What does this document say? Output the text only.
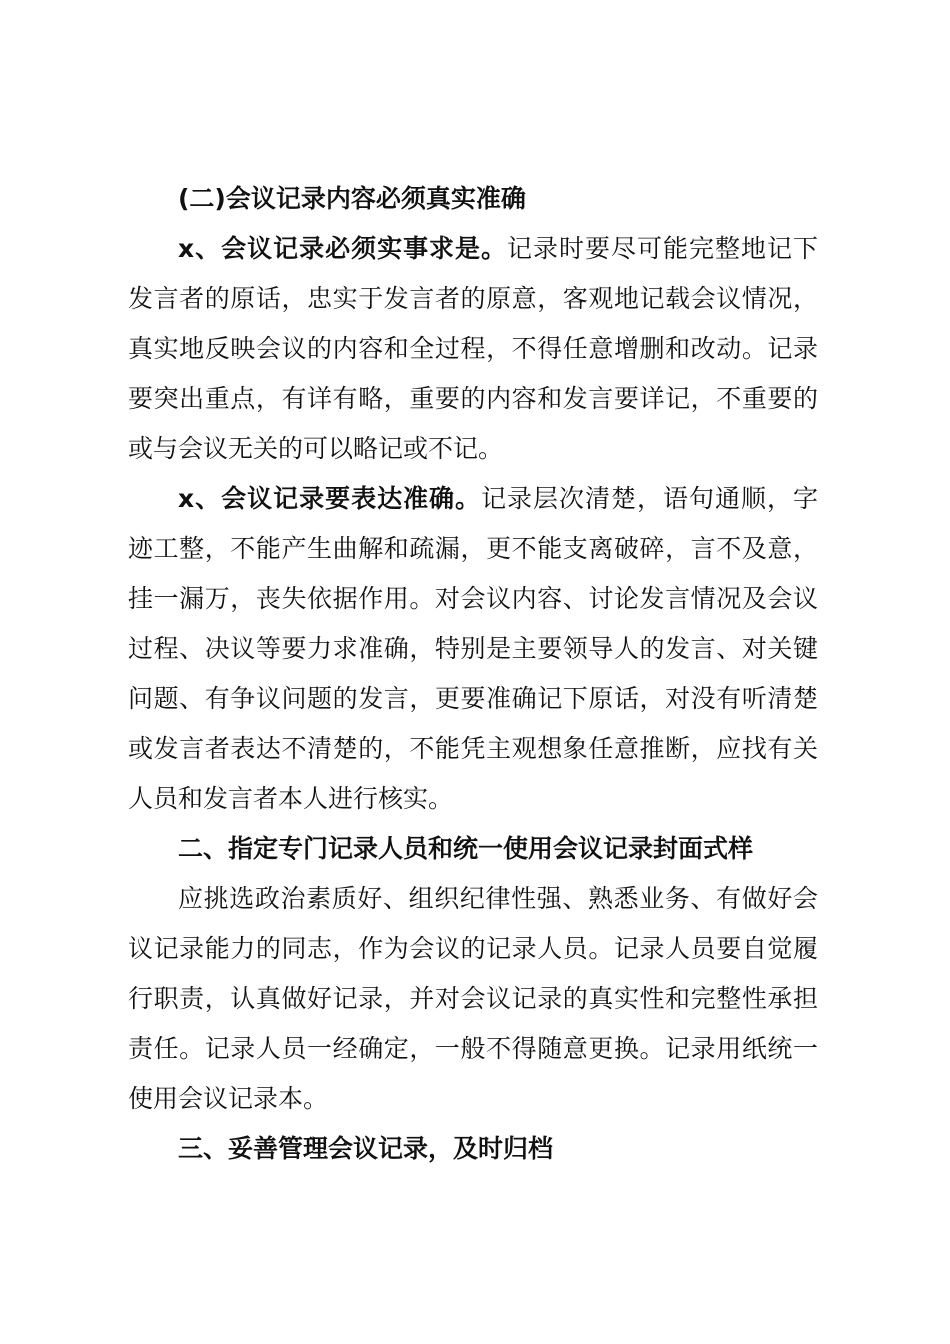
(二)会议记录内容必须真实准确
x、会议记录必须实事求是。记录时要尽可能完整地记下
发言者的原话，忠实于发言者的原意，客观地记载会议情况，
真实地反映会议的内容和全过程，不得任意增删和改动。记录
要突出重点，有详有略，重要的内容和发言要详记，不重要的
或与会议无关的可以略记或不记。
x、会议记录要表达准确。记录层次清楚，语句通顺，字
迹工整，不能产生曲解和疏漏，更不能支离破碎，言不及意，
挂一漏万，丧失依据作用。对会议内容、讨论发言情况及会议
过程、决议等要力求准确，特别是主要领导人的发言、对关键
问题、有争议问题的发言，更要准确记下原话，对没有听清楚
或发言者表达不清楚的，不能凭主观想象任意推断，应找有关
人员和发言者本人进行核实。
二、指定专门记录人员和统一使用会议记录封面式样
应挑选政治素质好、组织纪律性强、熟悉业务、有做好会
议记录能力的同志，作为会议的记录人员。记录人员要自觉履
行职责，认真做好记录，并对会议记录的真实性和完整性承担
责任。记录人员一经确定，一般不得随意更换。记录用纸统一
使用会议记录本。
三、妥善管理会议记录，及时归档
